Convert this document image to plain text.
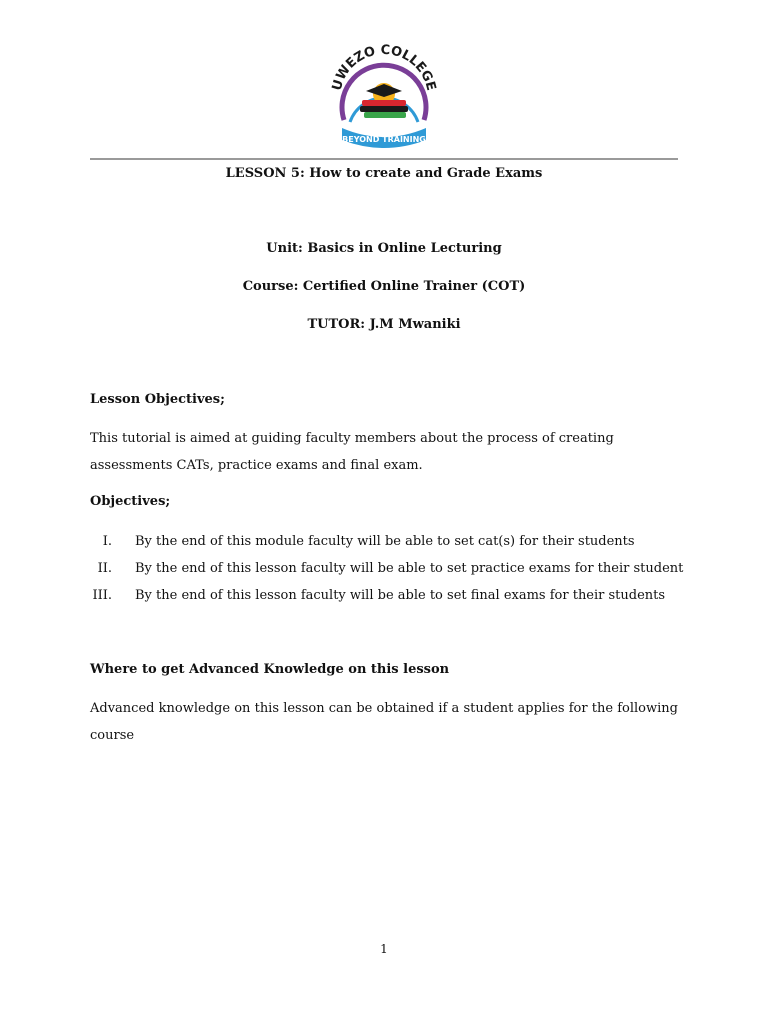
UWEZO COLLEGE
BEYOND TRAINING
LESSON 5: How to create and Grade Exams
Unit: Basics in Online Lecturing
Course: Certified Online Trainer (COT)
TUTOR: J.M Mwaniki
Lesson Objectives;
This tutorial is aimed at guiding faculty members about the process of creating assessments CATs, practice exams and final exam.
Objectives;
I. By the end of this module faculty will be able to set cat(s) for their students
II. By the end of this lesson faculty will be able to set practice exams for their student
III. By the end of this lesson faculty will be able to set final exams for their students
Where to get Advanced Knowledge on this lesson
Advanced knowledge on this lesson can be obtained if a student applies for the following course
1
